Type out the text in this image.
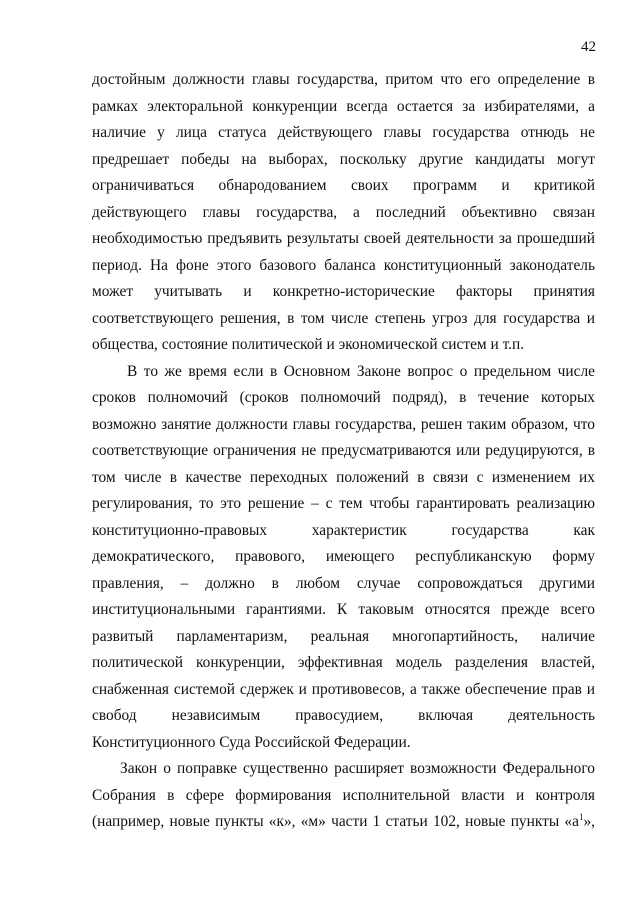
42
достойным должности главы государства, притом что его определение в
рамках электоральной конкуренции всегда остается за избирателями, а
наличие у лица статуса действующего главы государства отнюдь не
предрешает победы на выборах, поскольку другие кандидаты могут
ограничиваться обнародованием своих программ и критикой
действующего главы государства, а последний объективно связан
необходимостью предъявить результаты своей деятельности за прошедший
период. На фоне этого базового баланса конституционный законодатель
может учитывать и конкретно-исторические факторы принятия
соответствующего решения, в том числе степень угроз для государства и
общества, состояние политической и экономической систем и т.п.
В то же время если в Основном Законе вопрос о предельном числе
сроков полномочий (сроков полномочий подряд), в течение которых
возможно занятие должности главы государства, решен таким образом, что
соответствующие ограничения не предусматриваются или редуцируются, в
том числе в качестве переходных положений в связи с изменением их
регулирования, то это решение – с тем чтобы гарантировать реализацию
конституционно-правовых характеристик государства как
демократического, правового, имеющего республиканскую форму
правления, – должно в любом случае сопровождаться другими
институциональными гарантиями. К таковым относятся прежде всего
развитый парламентаризм, реальная многопартийность, наличие
политической конкуренции, эффективная модель разделения властей,
снабженная системой сдержек и противовесов, а также обеспечение прав и
свобод независимым правосудием, включая деятельность
Конституционного Суда Российской Федерации.
Закон о поправке существенно расширяет возможности Федерального
Собрания в сфере формирования исполнительной власти и контроля
(например, новые пункты «к», «м» части 1 статьи 102, новые пункты «$а^1$»,
